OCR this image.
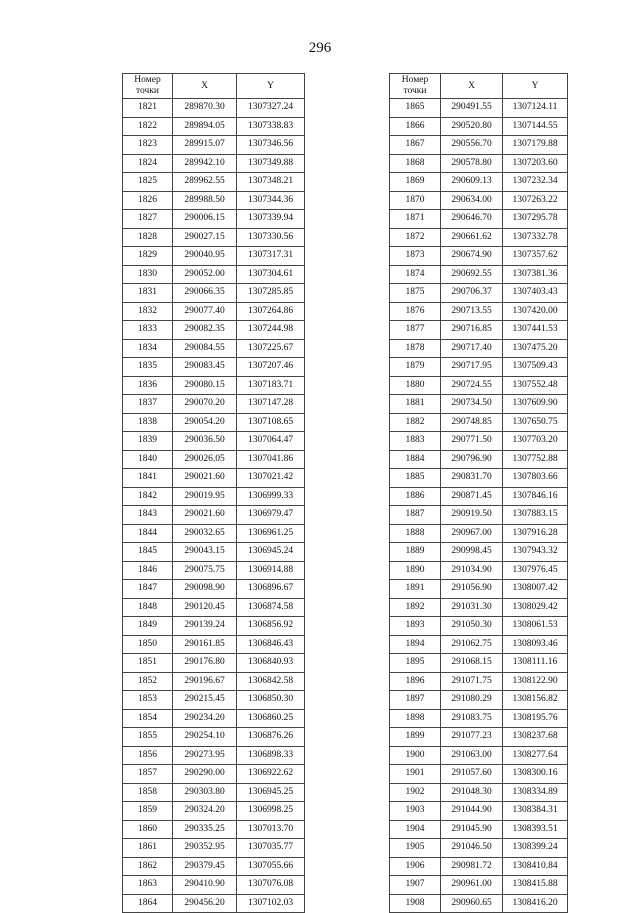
296
Номер
точки	X	Y
1821	289870.30	1307327.24
1822	289894.05	1307338.83
1823	289915.07	1307346.56
1824	289942.10	1307349.88
1825	289962.55	1307348.21
1826	289988.50	1307344.36
1827	290006.15	1307339.94
1828	290027.15	1307330.56
1829	290040.95	1307317.31
1830	290052.00	1307304.61
1831	290066.35	1307285.85
1832	290077.40	1307264.86
1833	290082.35	1307244.98
1834	290084.55	1307225.67
1835	290083.45	1307207.46
1836	290080.15	1307183.71
1837	290070.20	1307147.28
1838	290054.20	1307108.65
1839	290036.50	1307064.47
1840	290026.05	1307041.86
1841	290021.60	1307021.42
1842	290019.95	1306999.33
1843	290021.60	1306979.47
1844	290032.65	1306961.25
1845	290043.15	1306945.24
1846	290075.75	1306914.88
1847	290098.90	1306896.67
1848	290120.45	1306874.58
1849	290139.24	1306856.92
1850	290161.85	1306846.43
1851	290176.80	1306840.93
1852	290196.67	1306842.58
1853	290215.45	1306850.30
1854	290234.20	1306860.25
1855	290254.10	1306876.26
1856	290273.95	1306898.33
1857	290290.00	1306922.62
1858	290303.80	1306945.25
1859	290324.20	1306998.25
1860	290335.25	1307013.70
1861	290352.95	1307035.77
1862	290379.45	1307055.66
1863	290410.90	1307076.08
1864	290456.20	1307102.03
Номер
точки	X	Y
1865	290491.55	1307124.11
1866	290520.80	1307144.55
1867	290556.70	1307179.88
1868	290578.80	1307203.60
1869	290609.13	1307232.34
1870	290634.00	1307263.22
1871	290646.70	1307295.78
1872	290661.62	1307332.78
1873	290674.90	1307357.62
1874	290692.55	1307381.36
1875	290706.37	1307403.43
1876	290713.55	1307420.00
1877	290716.85	1307441.53
1878	290717.40	1307475.20
1879	290717.95	1307509.43
1880	290724.55	1307552.48
1881	290734.50	1307609.90
1882	290748.85	1307650.75
1883	290771.50	1307703.20
1884	290796.90	1307752.88
1885	290831.70	1307803.66
1886	290871.45	1307846.16
1887	290919.50	1307883.15
1888	290967.00	1307916.28
1889	290998.45	1307943.32
1890	291034.90	1307976.45
1891	291056.90	1308007.42
1892	291031.30	1308029.42
1893	291050.30	1308061.53
1894	291062.75	1308093.46
1895	291068.15	1308111.16
1896	291071.75	1308122.90
1897	291080.29	1308156.82
1898	291083.75	1308195.76
1899	291077.23	1308237.68
1900	291063.00	1308277.64
1901	291057.60	1308300.16
1902	291048.30	1308334.89
1903	291044.90	1308384.31
1904	291045.90	1308393.51
1905	291046.50	1308399.24
1906	290981.72	1308410.84
1907	290961.00	1308415.88
1908	290960.65	1308416.20
